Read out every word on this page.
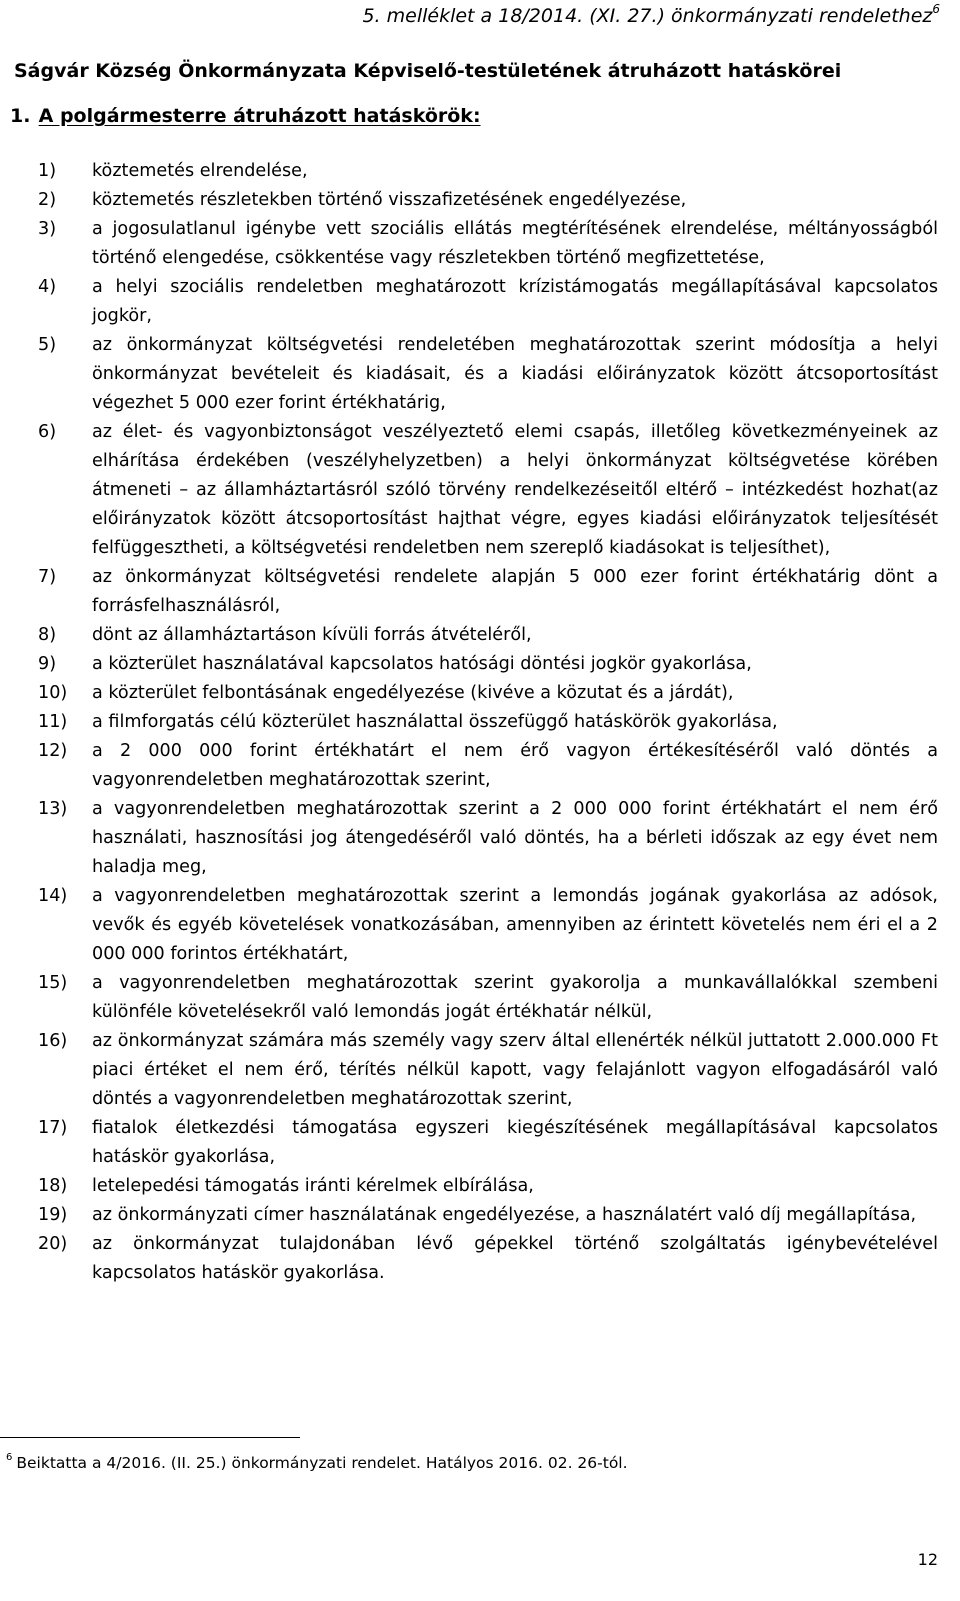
5. melléklet a 18/2014. (XI. 27.) önkormányzati rendelethez$^6$
Ságvár Község Önkormányzata Képviselő-testületének átruházott hatáskörei
1. A polgármesterre átruházott hatáskörök:
1)	köztemetés elrendelése,
2)	köztemetés részletekben történő visszafizetésének engedélyezése,
3)	a jogosulatlanul igénybe vett szociális ellátás megtérítésének elrendelése, méltányosságból történő elengedése, csökkentése vagy részletekben történő megfizettetése,
4)	a helyi szociális rendeletben meghatározott krízistámogatás megállapításával kapcsolatos jogkör,
5)	az önkormányzat költségvetési rendeletében meghatározottak szerint módosítja a helyi önkormányzat bevételeit és kiadásait, és a kiadási előirányzatok között átcsoportosítást végezhet 5 000 ezer forint értékhatárig,
6)	az élet- és vagyonbiztonságot veszélyeztető elemi csapás, illetőleg következményeinek az elhárítása érdekében (veszélyhelyzetben) a helyi önkormányzat költségvetése körében átmeneti – az államháztartásról szóló törvény rendelkezéseitől eltérő – intézkedést hozhat(az előirányzatok között átcsoportosítást hajthat végre, egyes kiadási előirányzatok teljesítését felfüggesztheti, a költségvetési rendeletben nem szereplő kiadásokat is teljesíthet),
7)	az önkormányzat költségvetési rendelete alapján 5 000 ezer forint értékhatárig dönt a forrásfelhasználásról,
8)	dönt az államháztartáson kívüli forrás átvételéről,
9)	a közterület használatával kapcsolatos hatósági döntési jogkör gyakorlása,
10)	a közterület felbontásának engedélyezése (kivéve a közutat és a járdát),
11)	a filmforgatás célú közterület használattal összefüggő hatáskörök gyakorlása,
12)	a 2 000 000 forint értékhatárt el nem érő vagyon értékesítéséről való döntés a vagyonrendeletben meghatározottak szerint,
13)	a vagyonrendeletben meghatározottak szerint a 2 000 000 forint értékhatárt el nem érő használati, hasznosítási jog átengedéséről való döntés, ha a bérleti időszak az egy évet nem haladja meg,
14)	a vagyonrendeletben meghatározottak szerint a lemondás jogának gyakorlása az adósok, vevők és egyéb követelések vonatkozásában, amennyiben az érintett követelés nem éri el a 2 000 000 forintos értékhatárt,
15)	a vagyonrendeletben meghatározottak szerint gyakorolja a munkavállalókkal szembeni különféle követelésekről való lemondás jogát értékhatár nélkül,
16)	az önkormányzat számára más személy vagy szerv által ellenérték nélkül juttatott 2.000.000 Ft piaci értéket el nem érő, térítés nélkül kapott, vagy felajánlott vagyon elfogadásáról való döntés a vagyonrendeletben meghatározottak szerint,
17)	fiatalok életkezdési támogatása egyszeri kiegészítésének megállapításával kapcsolatos hatáskör gyakorlása,
18)	letelepedési támogatás iránti kérelmek elbírálása,
19)	az önkormányzati címer használatának engedélyezése, a használatért való díj megállapítása,
20)	az önkormányzat tulajdonában lévő gépekkel történő szolgáltatás igénybevételével kapcsolatos hatáskör gyakorlása.
$^6$ Beiktatta a 4/2016. (II. 25.) önkormányzati rendelet. Hatályos 2016. 02. 26-tól.
12
